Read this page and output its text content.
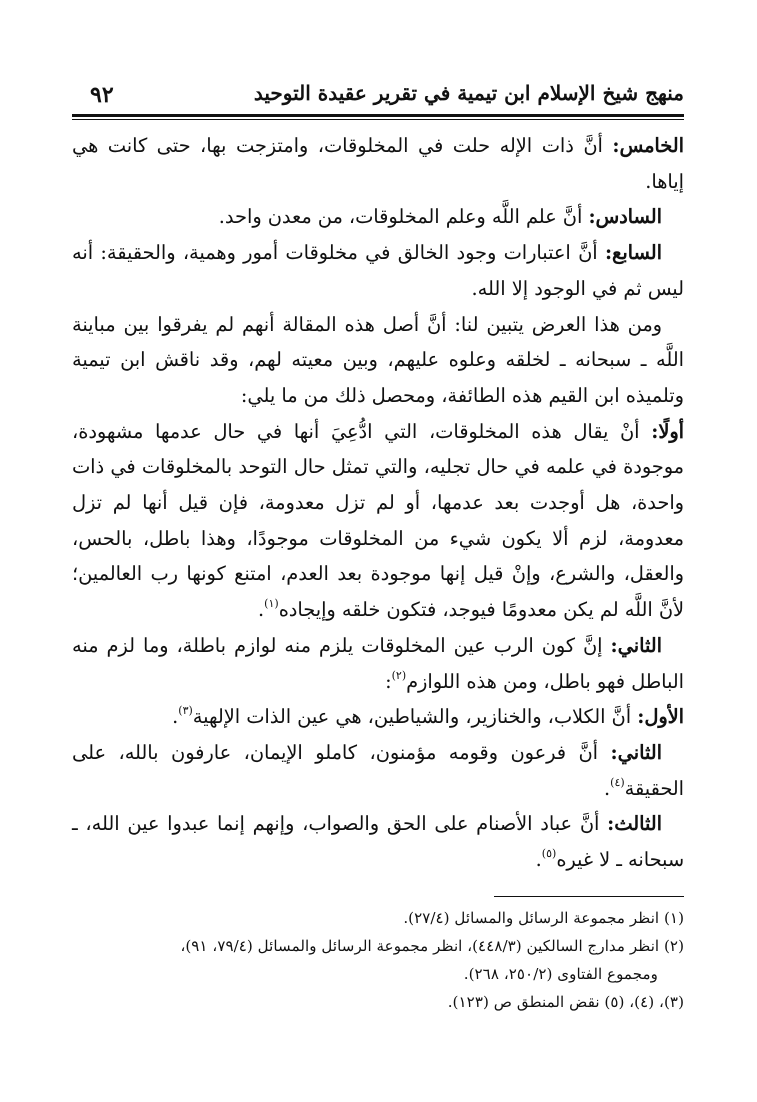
منهج شيخ الإسلام ابن تيمية في تقرير عقيدة التوحيد
٩٢

الخامس: أنَّ ذات الإله حلت في المخلوقات، وامتزجت بها، حتى كانت هي إياها.

السادس: أنَّ علم اللَّه وعلم المخلوقات، من معدن واحد.

السابع: أنَّ اعتبارات وجود الخالق في مخلوقات أمور وهمية، والحقيقة: أنه ليس ثم في الوجود إلا الله.

ومن هذا العرض يتبين لنا: أنَّ أصل هذه المقالة أنهم لم يفرقوا بين مباينة اللَّه ـ سبحانه ـ لخلقه وعلوه عليهم، وبين معيته لهم، وقد ناقش ابن تيمية وتلميذه ابن القيم هذه الطائفة، ومحصل ذلك من ما يلي:

أولًا: أنْ يقال هذه المخلوقات، التي ادُّعِيَ أنها في حال عدمها مشهودة، موجودة في علمه في حال تجليه، والتي تمثل حال التوحد بالمخلوقات في ذات واحدة، هل أوجدت بعد عدمها، أو لم تزل معدومة، فإن قيل أنها لم تزل معدومة، لزم ألا يكون شيء من المخلوقات موجودًا، وهذا باطل، بالحس، والعقل، والشرع، وإنْ قيل إنها موجودة بعد العدم، امتنع كونها رب العالمين؛ لأنَّ اللَّه لم يكن معدومًا فيوجد، فتكون خلقه وإيجاده$^{(١)}$.

الثاني: إنَّ كون الرب عين المخلوقات يلزم منه لوازم باطلة، وما لزم منه الباطل فهو باطل، ومن هذه اللوازم$^{(٢)}$:

الأول: أنَّ الكلاب، والخنازير، والشياطين، هي عين الذات الإلهية$^{(٣)}$.

الثاني: أنَّ فرعون وقومه مؤمنون، كاملو الإيمان، عارفون بالله، على الحقيقة$^{(٤)}$.

الثالث: أنَّ عباد الأصنام على الحق والصواب، وإنهم إنما عبدوا عين الله، ـ سبحانه ـ لا غيره$^{(٥)}$.

(١) انظر مجموعة الرسائل والمسائل (٢٧/٤).

(٢) انظر مدارج السالكين (٤٤٨/٣)، انظر مجموعة الرسائل والمسائل (٧٩/٤، ٩١)،

ومجموع الفتاوى (٢٥٠/٢، ٢٦٨).

(٣)، (٤)، (٥) نقض المنطق ص (١٢٣).
